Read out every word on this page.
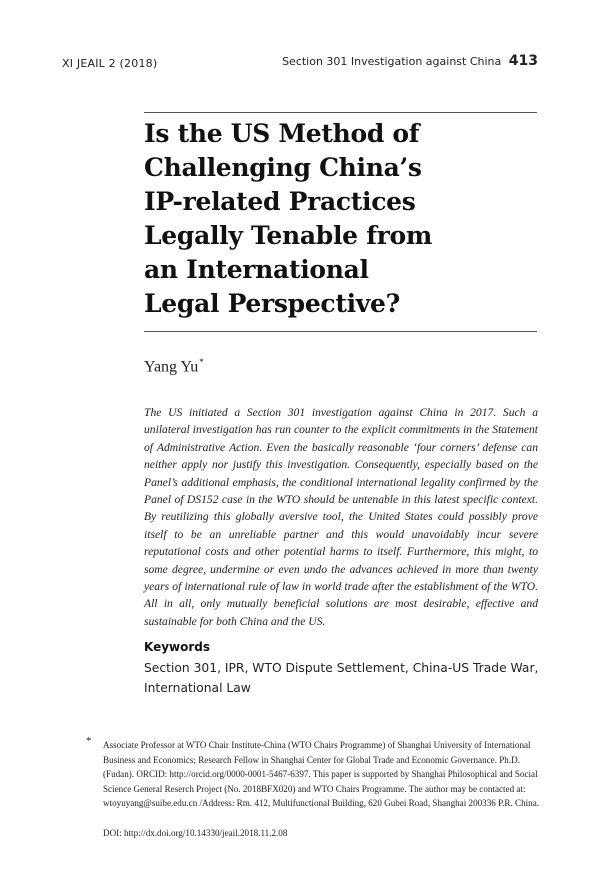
XI JEAIL 2 (2018)	Section 301 Investigation against China 413
Is the US Method of
Challenging China’s
IP-related Practices
Legally Tenable from
an International
Legal Perspective?
Yang Yu*

The US initiated a Section 301 investigation against China in 2017. Such a unilateral investigation has run counter to the explicit commitments in the Statement of Administrative Action. Even the basically reasonable ‘four corners’ defense can neither apply nor justify this investigation. Consequently, especially based on the Panel’s additional emphasis, the conditional international legality confirmed by the Panel of DS152 case in the WTO should be untenable in this latest specific context. By reutilizing this globally aversive tool, the United States could possibly prove itself to be an unreliable partner and this would unavoidably incur severe reputational costs and other potential harms to itself. Furthermore, this might, to some degree, undermine or even undo the advances achieved in more than twenty years of international rule of law in world trade after the establishment of the WTO. All in all, only mutually beneficial solutions are most desirable, effective and sustainable for both China and the US.

Keywords

Section 301, IPR, WTO Dispute Settlement, China-US Trade War, International Law

* Associate Professor at WTO Chair Institute-China (WTO Chairs Programme) of Shanghai University of International Business and Economics; Research Fellow in Shanghai Center for Global Trade and Economic Governance. Ph.D. (Fudan). ORCID: http://orcid.org/0000-0001-5467-6397. This paper is supported by Shanghai Philosophical and Social Science General Reserch Project (No. 2018BFX020) and WTO Chairs Programme. The author may be contacted at: wtoyuyang@suibe.edu.cn /Address: Rm. 412, Multifunctional Building, 620 Gubei Road, Shanghai 200336 P.R. China.

DOI: http://dx.doi.org/10.14330/jeail.2018.11.2.08
